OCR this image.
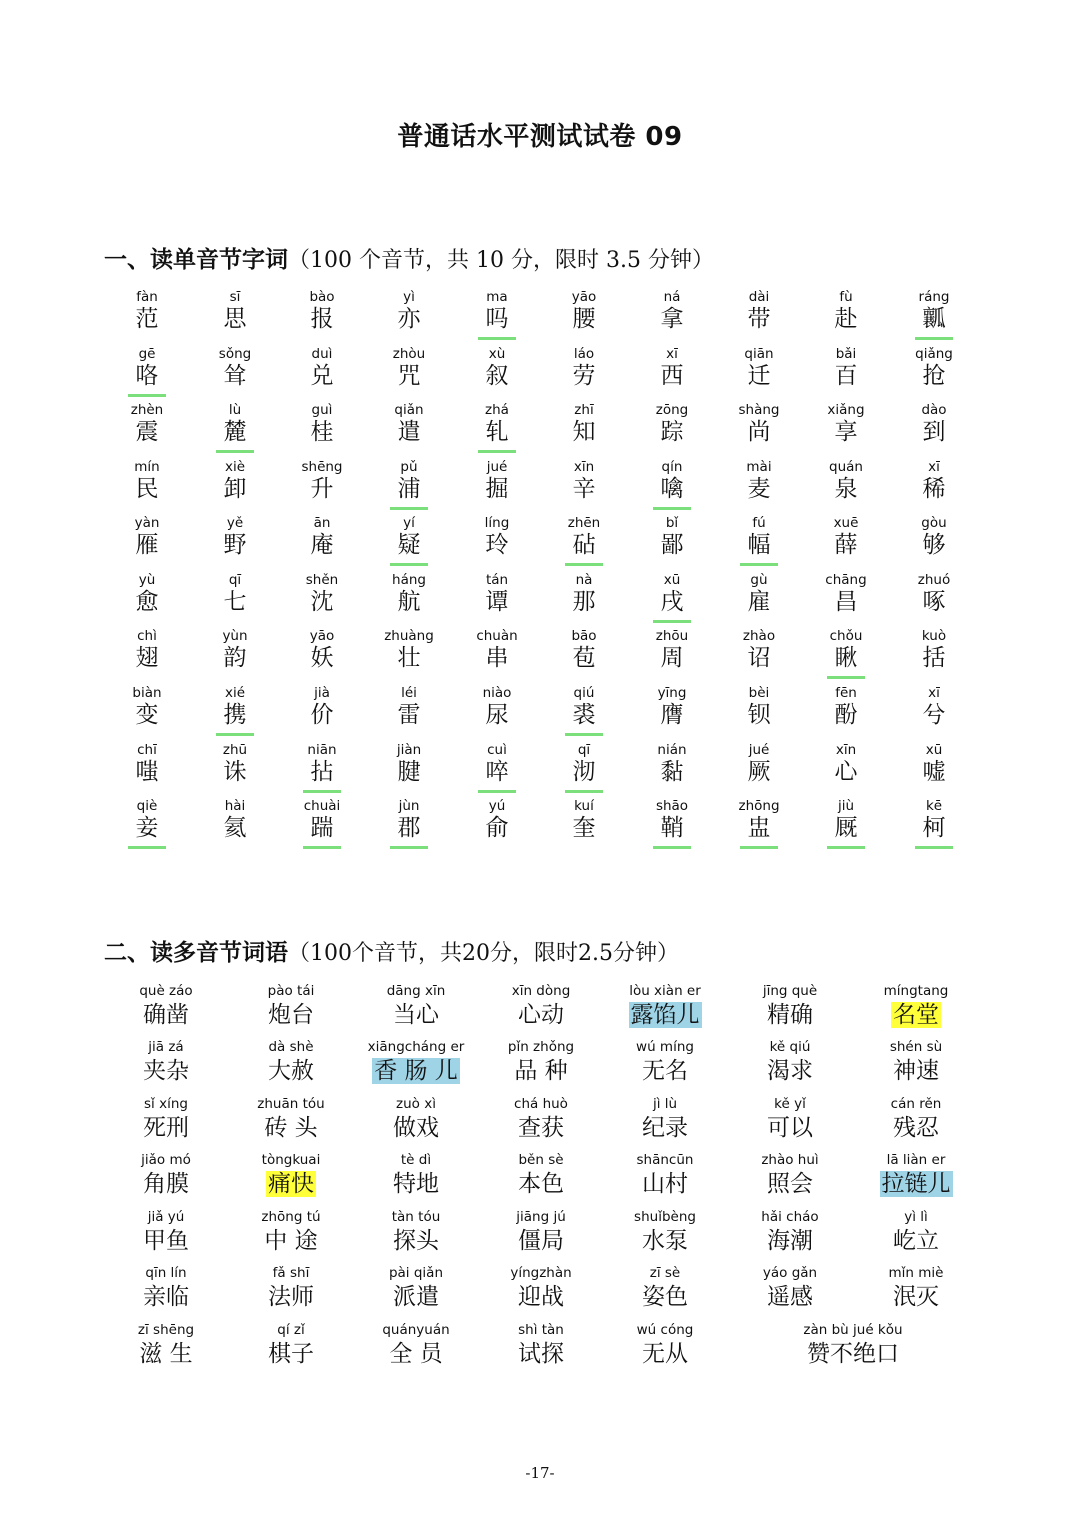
普通话水平测试试卷 09
一、读单音节字词（100 个音节，共 10 分，限时 3.5 分钟）
fàn
范
sī
思
bào
报
yì
亦
ma
吗
yāo
腰
ná
拿
dài
带
fù
赴
ráng
瓤
gē
咯
sǒng
耸
duì
兑
zhòu
咒
xù
叙
láo
劳
xī
西
qiān
迁
bǎi
百
qiǎng
抢
zhèn
震
lù
麓
guì
桂
qiǎn
遣
zhá
轧
zhī
知
zōng
踪
shàng
尚
xiǎng
享
dào
到
mín
民
xiè
卸
shēng
升
pǔ
浦
jué
掘
xīn
辛
qín
噙
mài
麦
quán
泉
xī
稀
yàn
雁
yě
野
ān
庵
yí
疑
líng
玲
zhēn
砧
bǐ
鄙
fú
幅
xuē
薛
gòu
够
yù
愈
qī
七
shěn
沈
háng
航
tán
谭
nà
那
xū
戌
gù
雇
chāng
昌
zhuó
啄
chì
翅
yùn
韵
yāo
妖
zhuàng
壮
chuàn
串
bāo
苞
zhōu
周
zhào
诏
chǒu
瞅
kuò
括
biàn
变
xié
携
jià
价
léi
雷
niào
尿
qiú
裘
yīng
膺
bèi
钡
fēn
酚
xī
兮
chī
嗤
zhū
诛
niān
拈
jiàn
腱
cuì
啐
qī
沏
nián
黏
jué
厥
xīn
心
xū
嘘
qiè
妾
hài
氦
chuài
踹
jùn
郡
yú
俞
kuí
奎
shāo
鞘
zhōng
盅
jiù
厩
kē
柯
二、读多音节词语（100个音节，共20分，限时2.5分钟）
què záo
确凿
pào tái
炮台
dāng xīn
当心
xīn dòng
心动
lòu xiàn er
露馅儿
jīng què
精确
míngtang
名堂
jiā zá
夹杂
dà shè
大赦
xiāngcháng er
香 肠 儿
pǐn zhǒng
品 种
wú míng
无名
kě qiú
渴求
shén sù
神速
sǐ xíng
死刑
zhuān tóu
砖 头
zuò xì
做戏
chá huò
查获
jì lù
纪录
kě yǐ
可以
cán rěn
残忍
jiǎo mó
角膜
tòngkuai
痛快
tè dì
特地
běn sè
本色
shāncūn
山村
zhào huì
照会
lā liàn er
拉链儿
jiǎ yú
甲鱼
zhōng tú
中 途
tàn tóu
探头
jiāng jú
僵局
shuǐbèng
水泵
hǎi cháo
海潮
yì lì
屹立
qīn lín
亲临
fǎ shī
法师
pài qiǎn
派遣
yíngzhàn
迎战
zī sè
姿色
yáo gǎn
遥感
mǐn miè
泯灭
zī shēng
滋 生
qí zǐ
棋子
quányuán
全 员
shì tàn
试探
wú cóng
无从
zàn bù jué kǒu
赞不绝口
-17-
